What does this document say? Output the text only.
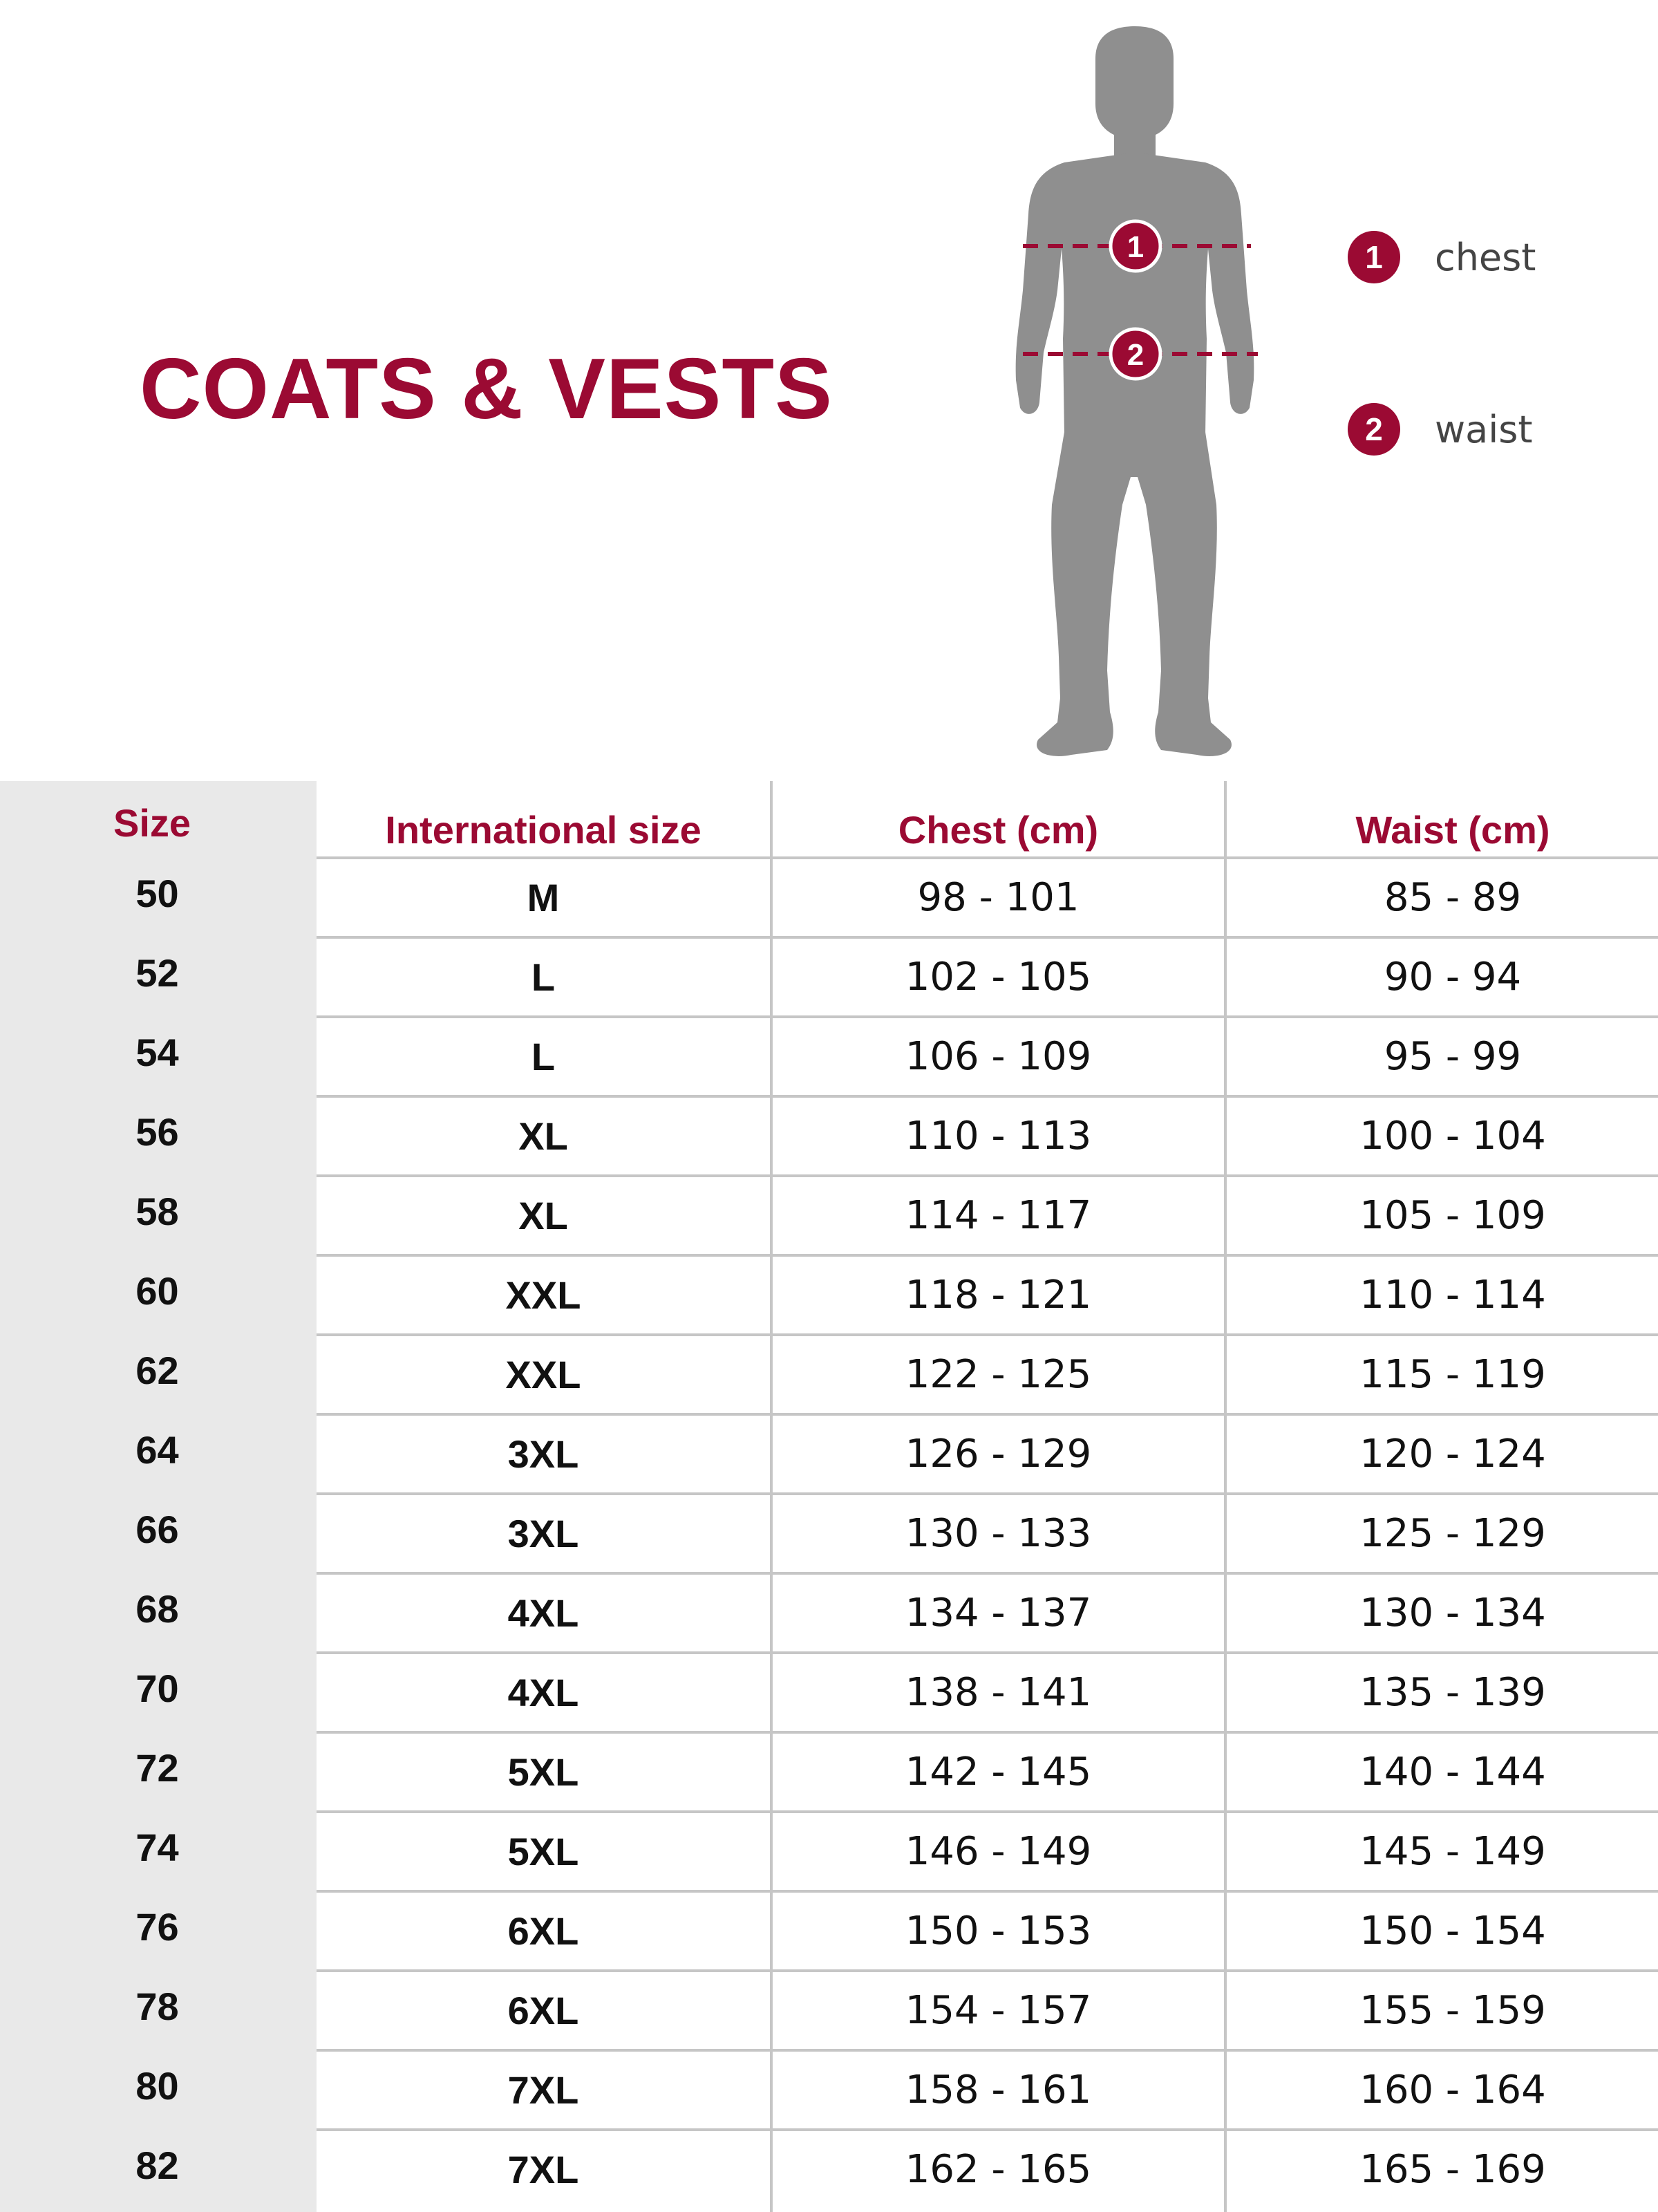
COATS & VESTS
1
2
1	chest
2	waist
Size	International size	Chest (cm)	Waist (cm)
50	M	98 - 101	85 - 89
52	L	102 - 105	90 - 94
54	L	106 - 109	95 - 99
56	XL	110 - 113	100 - 104
58	XL	114 - 117	105 - 109
60	XXL	118 - 121	110 - 114
62	XXL	122 - 125	115 - 119
64	3XL	126 - 129	120 - 124
66	3XL	130 - 133	125 - 129
68	4XL	134 - 137	130 - 134
70	4XL	138 - 141	135 - 139
72	5XL	142 - 145	140 - 144
74	5XL	146 - 149	145 - 149
76	6XL	150 - 153	150 - 154
78	6XL	154 - 157	155 - 159
80	7XL	158 - 161	160 - 164
82	7XL	162 - 165	165 - 169
